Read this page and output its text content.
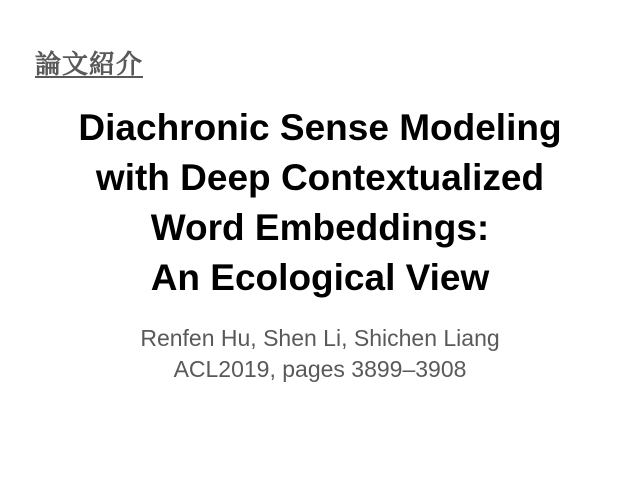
論文紹介
Diachronic Sense Modeling
with Deep Contextualized
Word Embeddings:
An Ecological View
Renfen Hu, Shen Li, Shichen Liang
ACL2019, pages 3899–3908
